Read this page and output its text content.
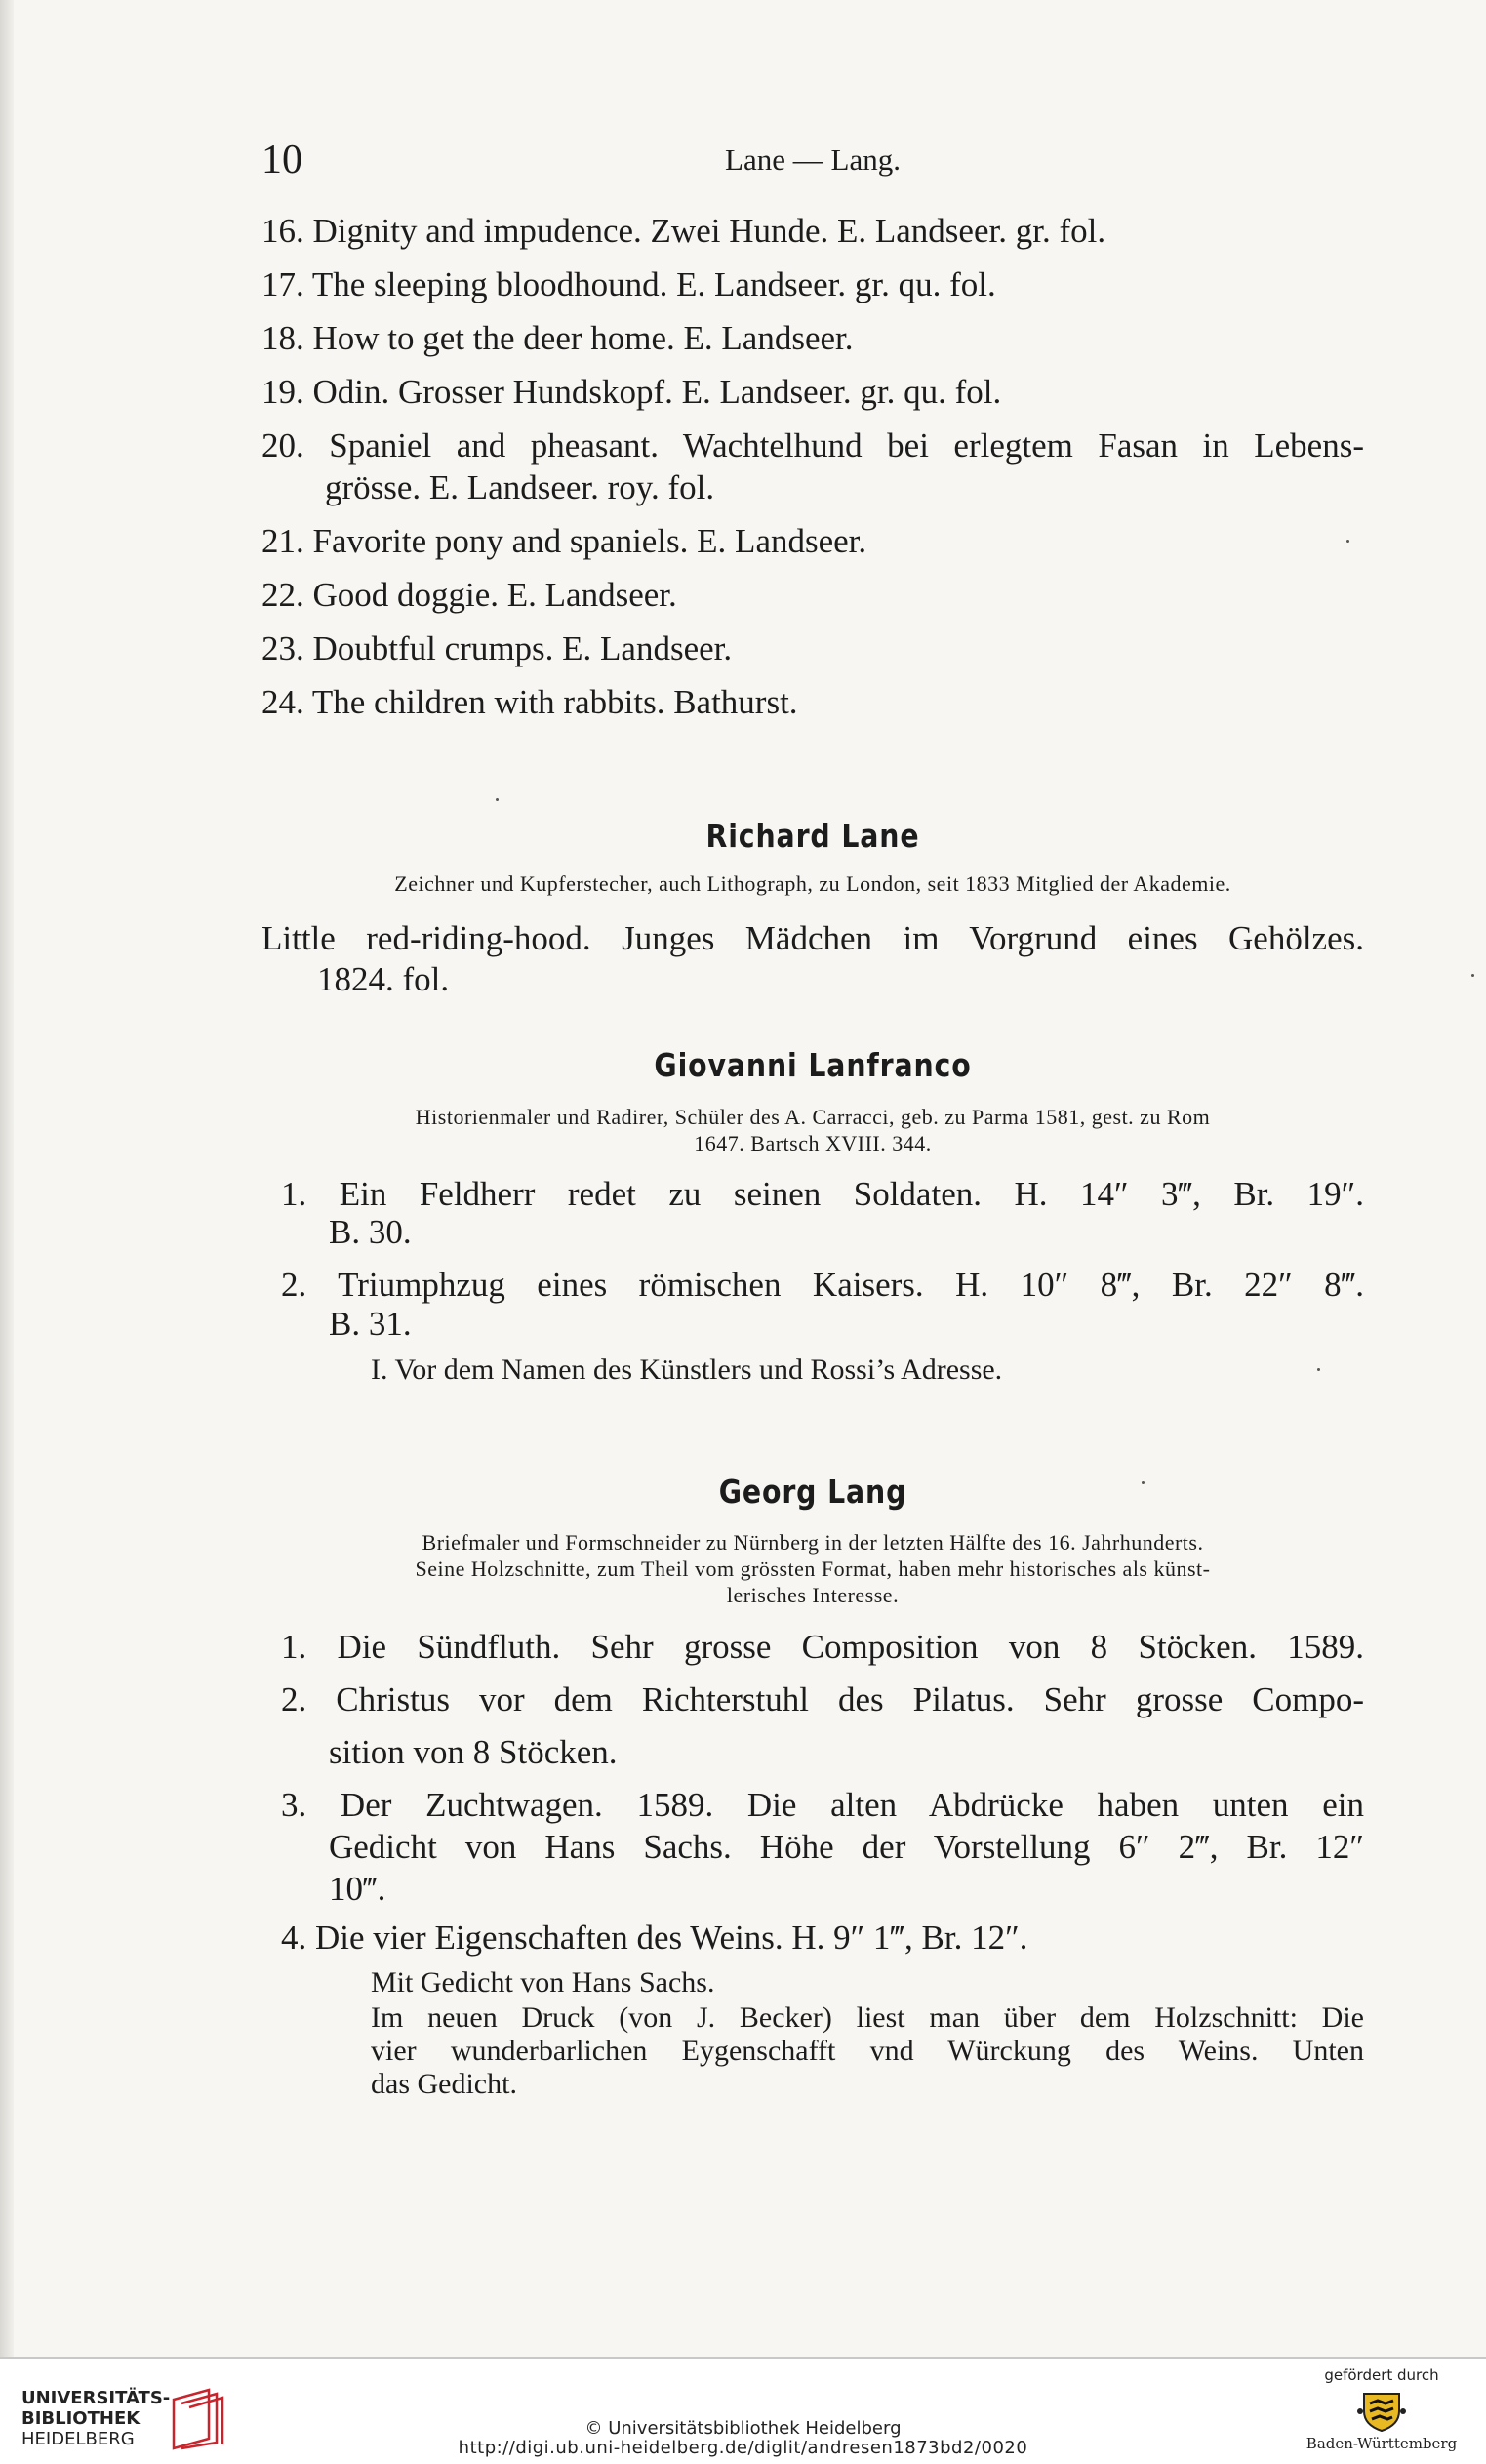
10	Lane — Lang.
16. Dignity and impudence. Zwei Hunde. E. Landseer. gr. fol.
17. The sleeping bloodhound. E. Landseer. gr. qu. fol.
18. How to get the deer home. E. Landseer.
19. Odin. Grosser Hundskopf. E. Landseer. gr. qu. fol.
20. Spaniel and pheasant. Wachtelhund bei erlegtem Fasan in Lebens-
grösse. E. Landseer. roy. fol.
21. Favorite pony and spaniels. E. Landseer.
22. Good doggie. E. Landseer.
23. Doubtful crumps. E. Landseer.
24. The children with rabbits. Bathurst.
Richard Lane
Zeichner und Kupferstecher, auch Lithograph, zu London, seit 1833 Mitglied der Akademie.
Little red-riding-hood. Junges Mädchen im Vorgrund eines Gehölzes.
1824. fol.
Giovanni Lanfranco
Historienmaler und Radirer, Schüler des A. Carracci, geb. zu Parma 1581, gest. zu Rom
1647. Bartsch XVIII. 344.
1. Ein Feldherr redet zu seinen Soldaten. H. 14″ 3‴, Br. 19″.
B. 30.
2. Triumphzug eines römischen Kaisers. H. 10″ 8‴, Br. 22″ 8‴.
B. 31.
I. Vor dem Namen des Künstlers und Rossi’s Adresse.
Georg Lang
Briefmaler und Formschneider zu Nürnberg in der letzten Hälfte des 16. Jahrhunderts.
Seine Holzschnitte, zum Theil vom grössten Format, haben mehr historisches als künst-
lerisches Interesse.
1. Die Sündfluth. Sehr grosse Composition von 8 Stöcken. 1589.
2. Christus vor dem Richterstuhl des Pilatus. Sehr grosse Compo-
sition von 8 Stöcken.
3. Der Zuchtwagen. 1589. Die alten Abdrücke haben unten ein
Gedicht von Hans Sachs. Höhe der Vorstellung 6″ 2‴, Br. 12″
10‴.
4. Die vier Eigenschaften des Weins. H. 9″ 1‴, Br. 12″.
Mit Gedicht von Hans Sachs.
Im neuen Druck (von J. Becker) liest man über dem Holzschnitt: Die
vier wunderbarlichen Eygenschafft vnd Würckung des Weins. Unten
das Gedicht.
UNIVERSITÄTS-
BIBLIOTHEK
HEIDELBERG
© Universitätsbibliothek Heidelberg
http://digi.ub.uni-heidelberg.de/diglit/andresen1873bd2/0020
gefördert durch
Baden-Württemberg
